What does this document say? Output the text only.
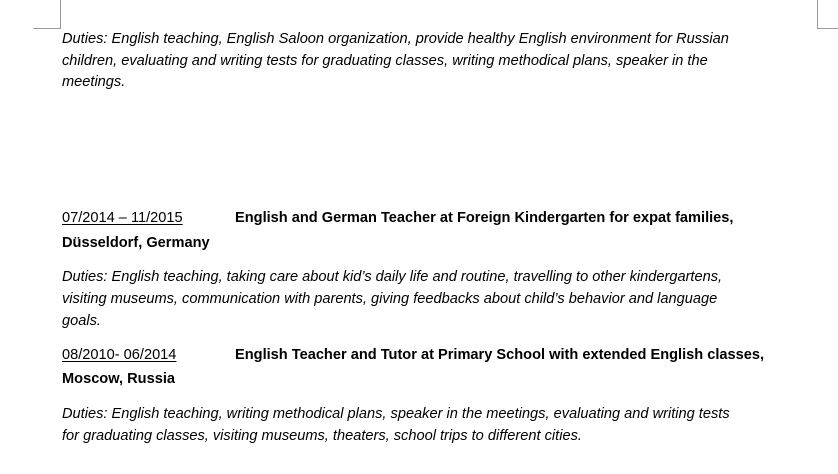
Duties: English teaching, English Saloon organization, provide healthy English environment for Russian
children, evaluating and writing tests for graduating classes, writing methodical plans, speaker in the
meetings.
07/2014 – 11/2015	English and German Teacher at Foreign Kindergarten for expat families,
Düsseldorf, Germany
Duties: English teaching, taking care about kid’s daily life and routine, travelling to other kindergartens,
visiting museums, communication with parents, giving feedbacks about child’s behavior and language
goals.
08/2010- 06/2014	English Teacher and Tutor at Primary School with extended English classes,
Moscow, Russia
Duties: English teaching, writing methodical plans, speaker in the meetings, evaluating and writing tests
for graduating classes, visiting museums, theaters, school trips to different cities.
